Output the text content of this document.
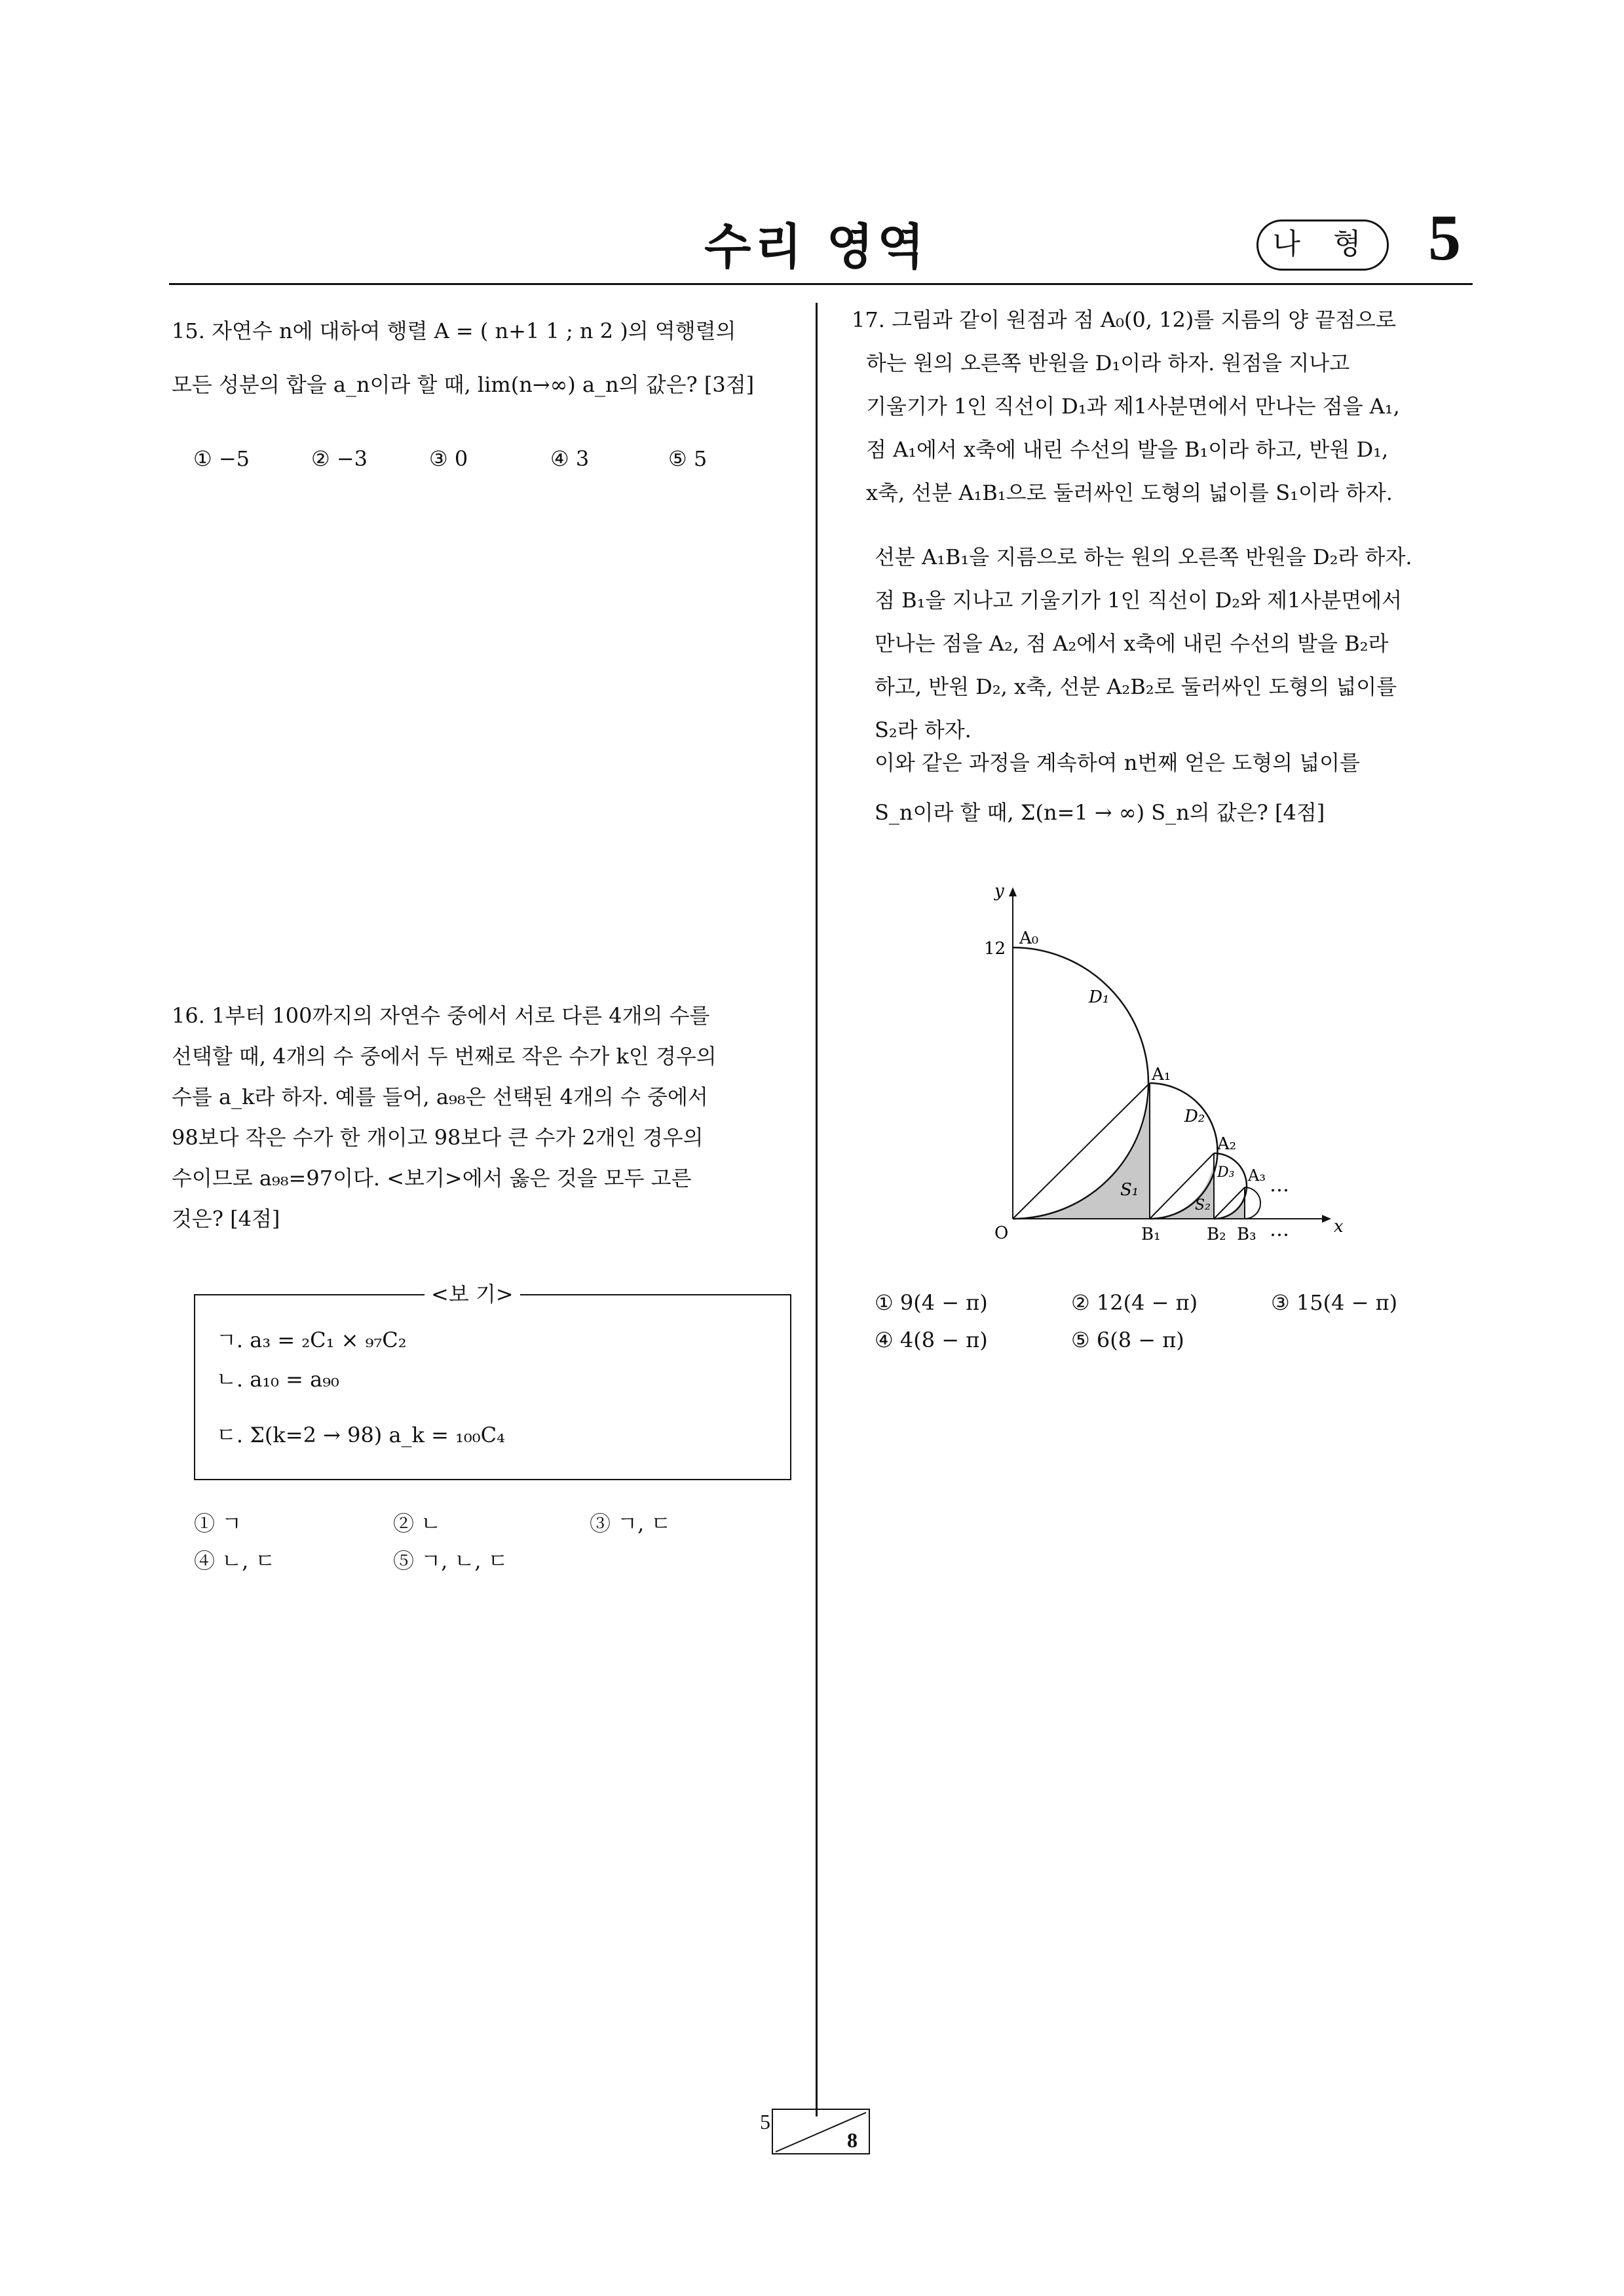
수리 영역	나 형 5
15. 자연수 n에 대하여 행렬 A = ( n+1 1 ; n 2 )의 역행렬의
모든 성분의 합을 a_n이라 할 때, lim(n→∞) a_n의 값은? [3점]
① −5	② −3	③ 0	④ 3	⑤ 5
16. 1부터 100까지의 자연수 중에서 서로 다른 4개의 수를
선택할 때, 4개의 수 중에서 두 번째로 작은 수가 k인 경우의
수를 a_k라 하자. 예를 들어, a₉₈은 선택된 4개의 수 중에서
98보다 작은 수가 한 개이고 98보다 큰 수가 2개인 경우의
수이므로 a₉₈=97이다. <보기>에서 옳은 것을 모두 고른
것은? [4점]
<보 기>
ㄱ. a₃ = ₂C₁ × ₉₇C₂
ㄴ. a₁₀ = a₉₀
ㄷ. Σ(k=2 → 98) a_k = ₁₀₀C₄
① ㄱ	② ㄴ	③ ㄱ, ㄷ
④ ㄴ, ㄷ	⑤ ㄱ, ㄴ, ㄷ
17. 그림과 같이 원점과 점 A₀(0, 12)를 지름의 양 끝점으로
하는 원의 오른쪽 반원을 D₁이라 하자. 원점을 지나고
기울기가 1인 직선이 D₁과 제1사분면에서 만나는 점을 A₁,
점 A₁에서 x축에 내린 수선의 발을 B₁이라 하고, 반원 D₁,
x축, 선분 A₁B₁으로 둘러싸인 도형의 넓이를 S₁이라 하자.
선분 A₁B₁을 지름으로 하는 원의 오른쪽 반원을 D₂라 하자.
점 B₁을 지나고 기울기가 1인 직선이 D₂와 제1사분면에서
만나는 점을 A₂, 점 A₂에서 x축에 내린 수선의 발을 B₂라
하고, 반원 D₂, x축, 선분 A₂B₂로 둘러싸인 도형의 넓이를
S₂라 하자.
이와 같은 과정을 계속하여 n번째 얻은 도형의 넓이를
S_n이라 할 때, Σ(n=1 → ∞) S_n의 값은? [4점]
y
x
O
12
A₀
D₁
A₁
D₂
A₂
D₃ A₃ …
S₁
S₂
B₁	B₂ B₃ …
① 9(4 − π)	② 12(4 − π)	③ 15(4 − π)
④ 4(8 − π)	⑤ 6(8 − π)
5
8
